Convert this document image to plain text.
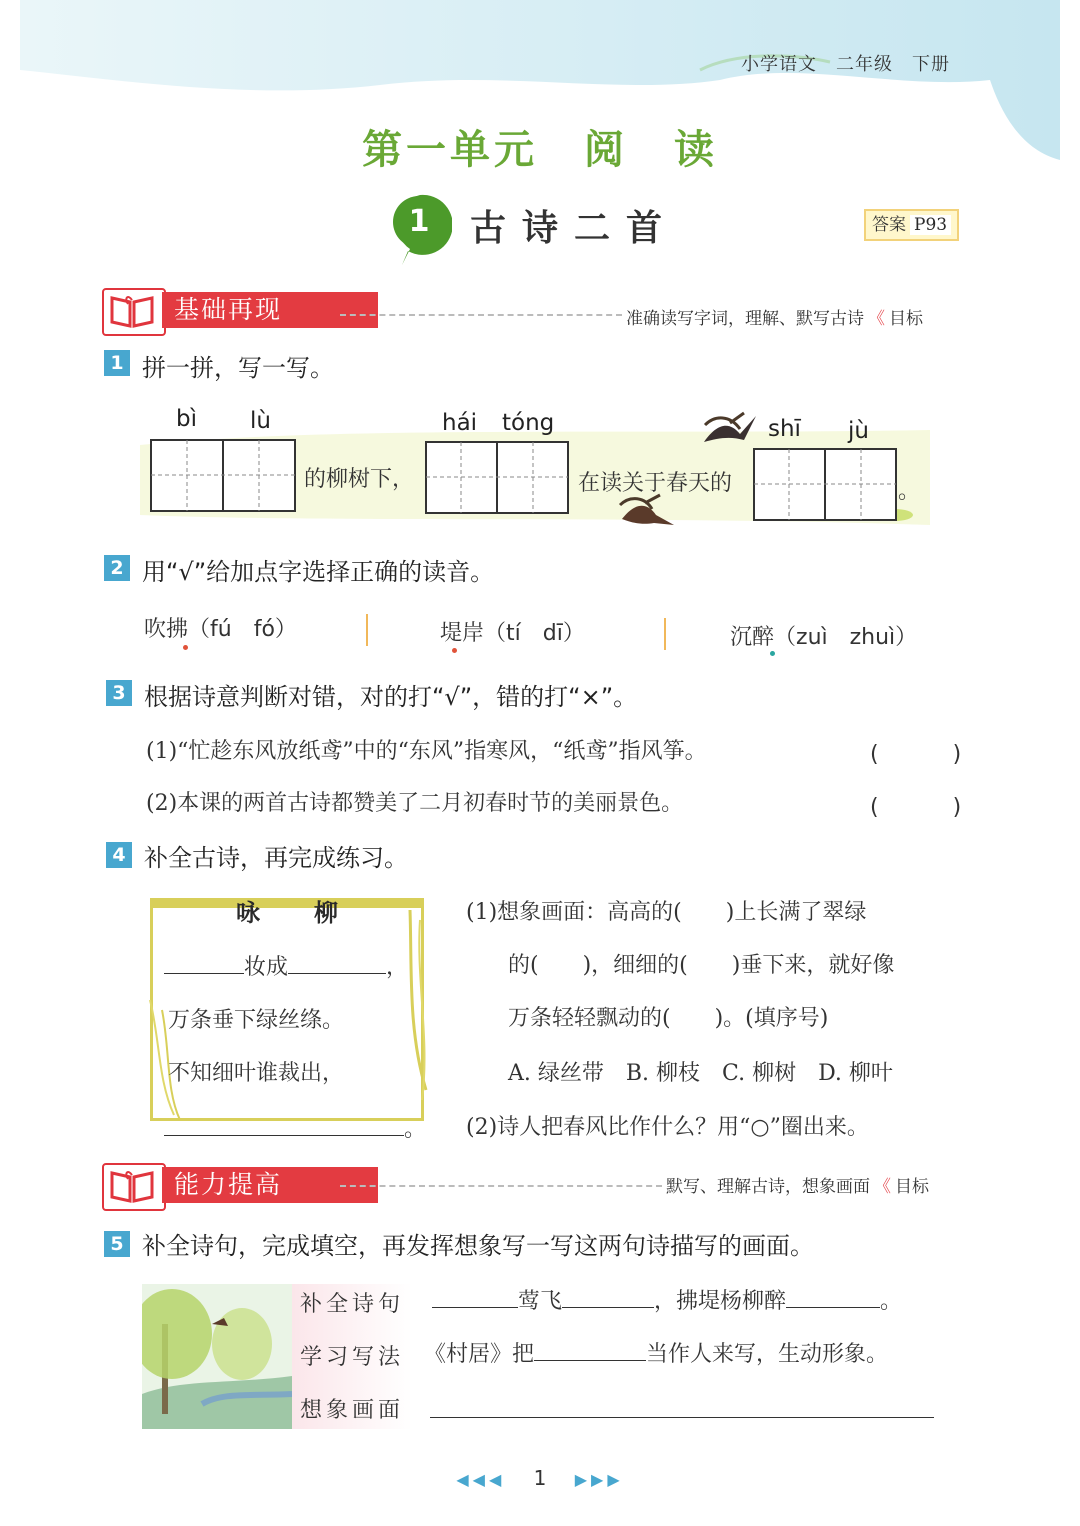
小学语文　二年级　下册
第一单元 阅 读
1	古诗二首	答案 P93
基础再现	准确读写字词，理解、默写古诗 《 目标
1 拼一拼，写一写。
bì lù
的柳树下，
hái tóng
在读关于春天的
shī jù
。
2 用“√”给加点字选择正确的读音。
吹拂（fú　fó）	堤岸（tí　dī）	沉醉（zuì　zhuì）
3 根据诗意判断对错，对的打“√”，错的打“×”。
(1)“忙趁东风放纸鸢”中的“东风”指寒风，“纸鸢”指风筝。	(　　)
(2)本课的两首古诗都赞美了二月初春时节的美丽景色。	(　　)
4 补全古诗，再完成练习。
咏 柳
妆成	，
万条垂下绿丝绦。
不知细叶谁裁出，
。
(1)想象画面：高高的(　　)上长满了翠绿
的(　　)，细细的(　　)垂下来，就好像
万条轻轻飘动的(　　)。(填序号)
A. 绿丝带　B. 柳枝　C. 柳树　D. 柳叶
(2)诗人把春风比作什么？用“○”圈出来。
能力提高	默写、理解古诗，想象画面 《 目标
5 补全诗句，完成填空，再发挥想象写一写这两句诗描写的画面。
补全诗句	莺飞	，拂堤杨柳醉	。
学习写法 《村居》把	当作人来写，生动形象。
想象画面
◀◀◀ 1 ▶▶▶
